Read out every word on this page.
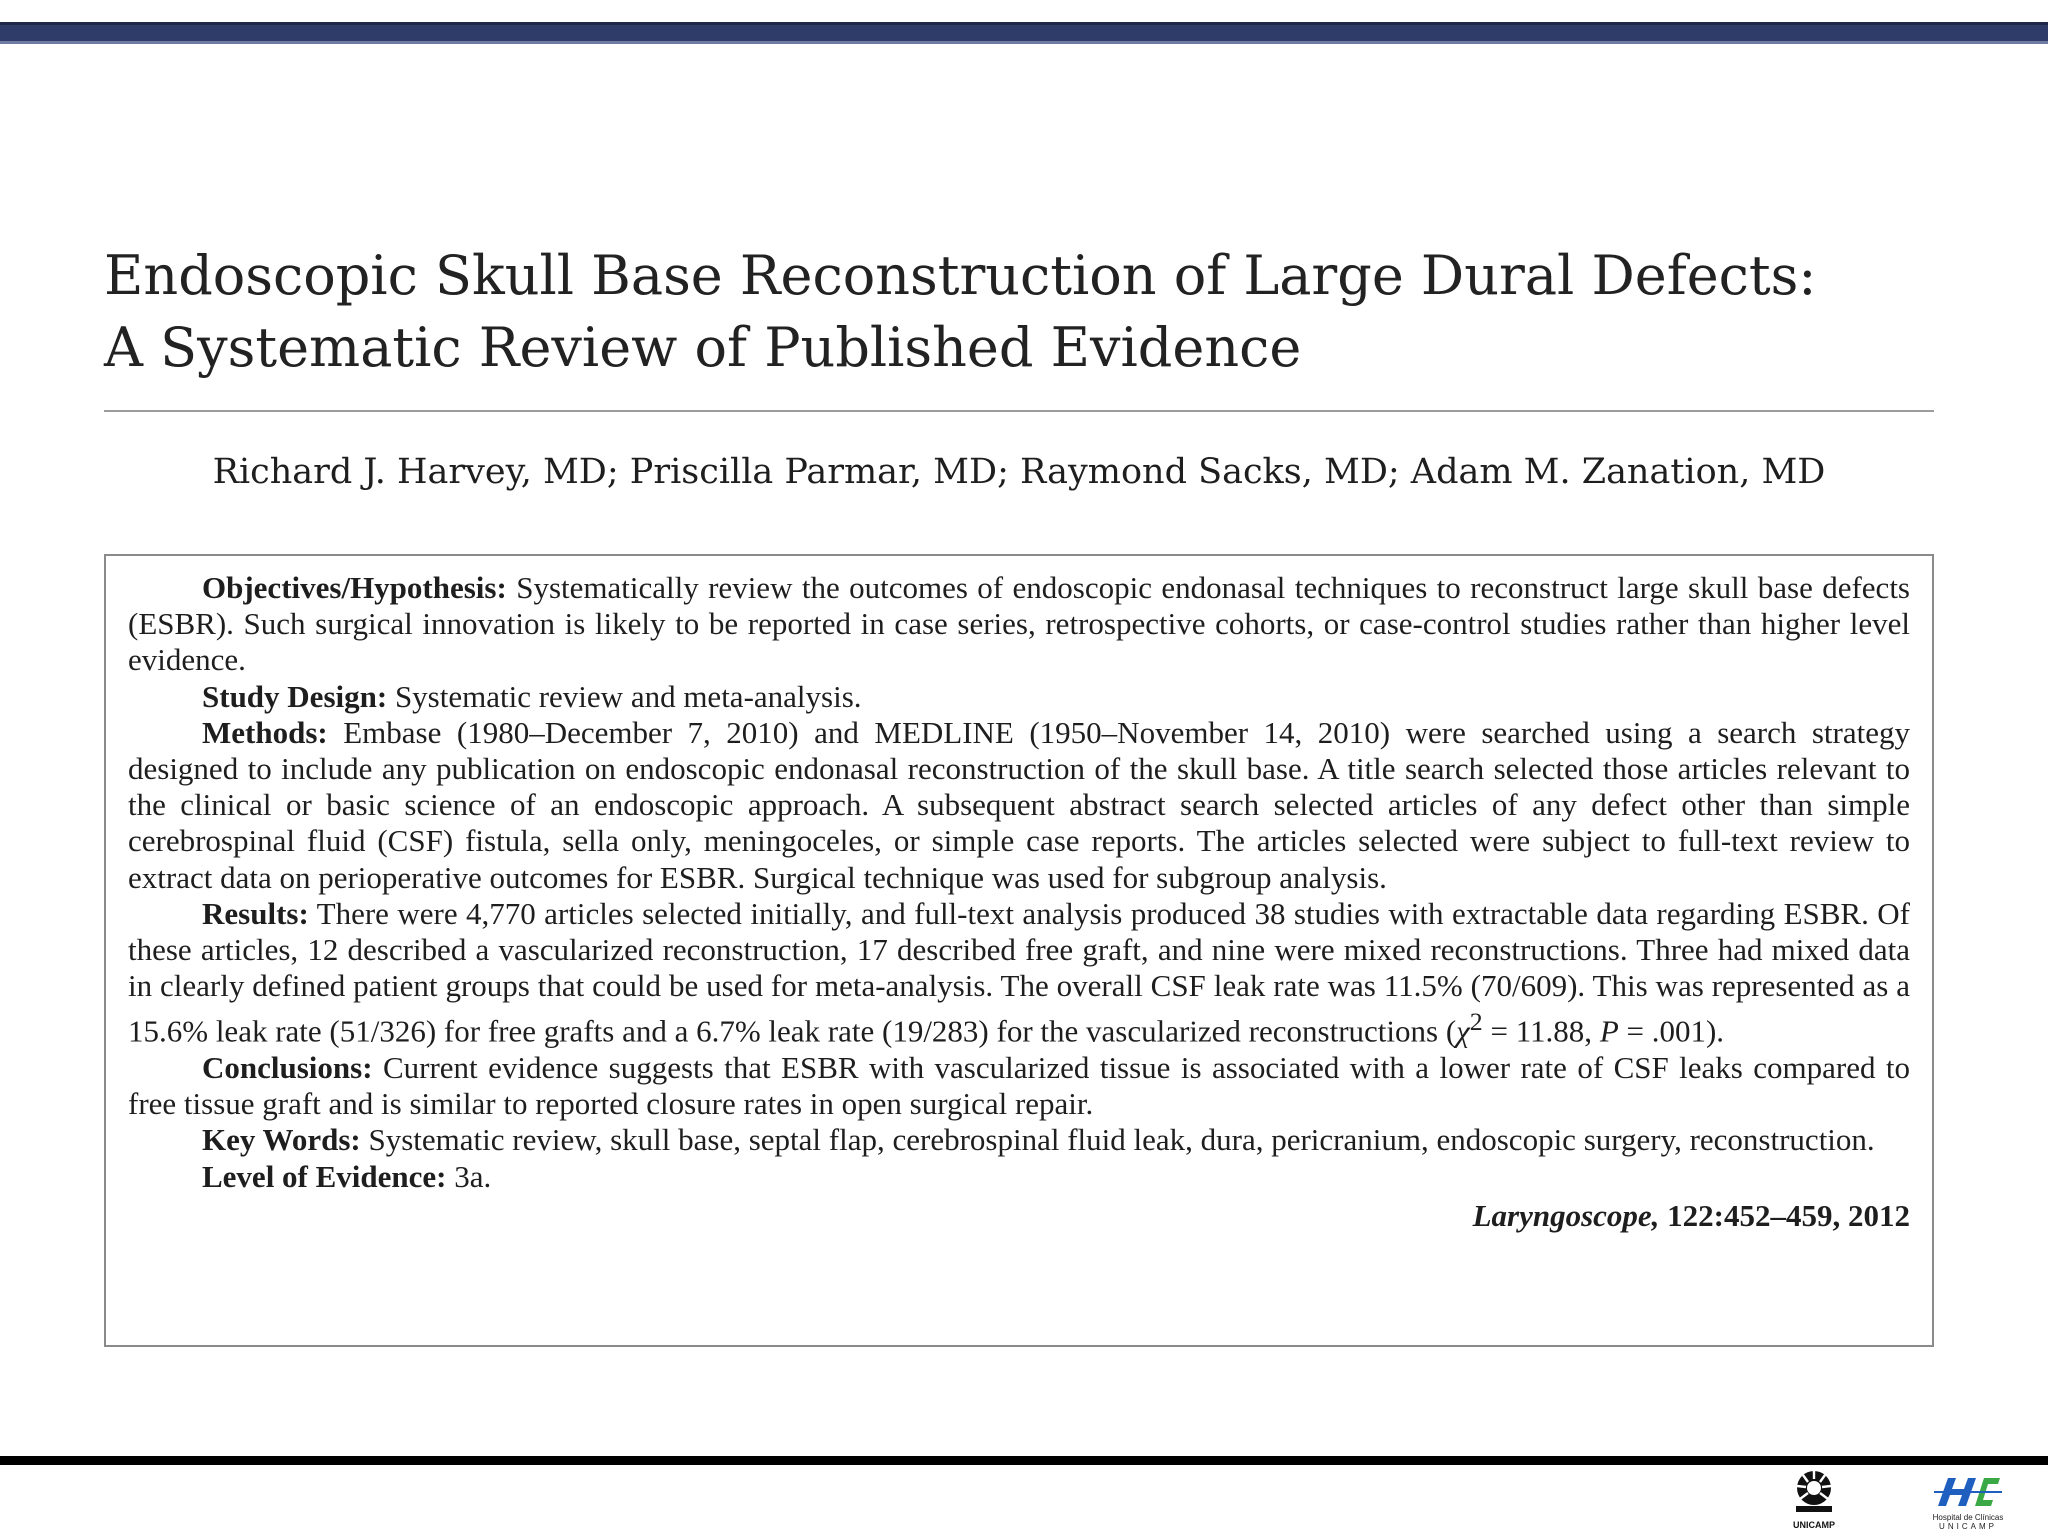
Endoscopic Skull Base Reconstruction of Large Dural Defects:
A Systematic Review of Published Evidence
Richard J. Harvey, MD; Priscilla Parmar, MD; Raymond Sacks, MD; Adam M. Zanation, MD

Objectives/Hypothesis: Systematically review the outcomes of endoscopic endonasal techniques to reconstruct large skull base defects (ESBR). Such surgical innovation is likely to be reported in case series, retrospective cohorts, or case-control studies rather than higher level evidence.

Study Design: Systematic review and meta-analysis.

Methods: Embase (1980–December 7, 2010) and MEDLINE (1950–November 14, 2010) were searched using a search strategy designed to include any publication on endoscopic endonasal reconstruction of the skull base. A title search selected those articles relevant to the clinical or basic science of an endoscopic approach. A subsequent abstract search selected articles of any defect other than simple cerebrospinal fluid (CSF) fistula, sella only, meningoceles, or simple case reports. The articles selected were subject to full-text review to extract data on perioperative outcomes for ESBR. Surgical technique was used for subgroup analysis.

Results: There were 4,770 articles selected initially, and full-text analysis produced 38 studies with extractable data regarding ESBR. Of these articles, 12 described a vascularized reconstruction, 17 described free graft, and nine were mixed reconstructions. Three had mixed data in clearly defined patient groups that could be used for meta-analysis. The overall CSF leak rate was 11.5% (70/609). This was represented as a 15.6% leak rate (51/326) for free grafts and a 6.7% leak rate (19/283) for the vascularized reconstructions ($\chi^2 = 11.88$, P = .001).

Conclusions: Current evidence suggests that ESBR with vascularized tissue is associated with a lower rate of CSF leaks compared to free tissue graft and is similar to reported closure rates in open surgical repair.

Key Words: Systematic review, skull base, septal flap, cerebrospinal fluid leak, dura, pericranium, endoscopic surgery, reconstruction.

Level of Evidence: 3a.

Laryngoscope, 122:452–459, 2012

UNICAMP
Hospital de Clínicas
UNICAMP
